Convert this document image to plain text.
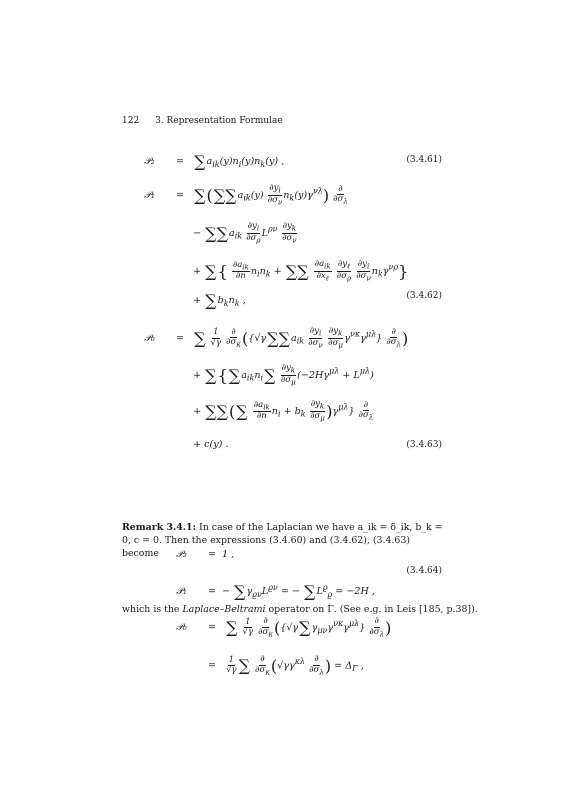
122 3. Representation Formulae
𝒫₂ = $\sum a_{ik}(y)n_i(y)n_k(y)$ ,	(3.4.61)
𝒫₁ = $\sum(\sum\sum a_{ik}(y) \frac{\partial y_i}{\partial\sigma_\nu} n_k(y)\gamma^{\nu\lambda}) \frac{\partial}{\partial\sigma_\lambda}$
− $\sum\sum a_{ik} \frac{\partial y_i}{\partial\sigma_\rho} L^{\rho\nu} \frac{\partial y_k}{\partial\sigma_\nu}$
+ ∑{ $\frac{\partial a_{ik}}{\partial n} n_in_k$ + ∑∑ $\frac{\partial a_{ik}}{\partial x_\ell}$
$\frac{\partial y_\ell}{\partial\sigma_\rho}$
$\frac{\partial y_i}{\partial\sigma_\nu} n_k\gamma^{\nu\rho}$}
+ $\sum b_kn_k$ ,	(3.4.62)
𝒫₀ = ∑ $\frac{1}{√\gamma}$
$\frac{\partial}{\partial\sigma_\kappa} (\{√\gamma\sum\sum a_{ik} \frac{\partial y_i}{\partial\sigma_\nu}$
$\frac{\partial y_k}{\partial\sigma_\mu} \gamma^{\nu\kappa}\gamma^{\mu\lambda}\} \frac{\partial}{\partial\sigma_\lambda}$ )
+ $\sum\{\sum a_{ik}n_i\sum \frac{\partial y_k}{\partial\sigma_\mu} (-2H\gamma^{\mu\lambda} + L^{\mu\lambda})$
+ ∑∑(∑ $\frac{\partial a_{ik}}{\partial n} n_i + b_k \frac{\partial y_k}{\partial\sigma_\mu} )\gamma^{\mu\lambda}\} \frac{\partial}{\partial\sigma_\lambda}$
+ c(y) .	(3.4.63)
Remark 3.4.1: In case of the Laplacian we have a_ik = δ_ik, b_k = 0, c = 0. Then the expressions (3.4.60) and (3.4.62), (3.4.63) become	𝒫₂ = 1 ,
𝒫₁ = − $\sum\gamma_{ϱ\nu}L^{ϱ\nu}$ = − $\sum L^ϱ_ϱ = -2H$ ,
𝒫₀ = ∑ $\frac{1}{√\gamma}$
$\frac{\partial}{\partial\sigma_\kappa} (\{√\gamma\sum\gamma_{\mu\nu}\gamma^{\nu\kappa}\gamma^{\mu\lambda}\} \frac{\partial}{\partial\sigma_\lambda}$ )
= $\frac{1}{√\gamma}$ ∑ $\frac{\partial}{\partial\sigma_\kappa} (√\gamma\gamma^{\kappa\lambda} \frac{\partial}{\partial\sigma_\lambda}$ ) = $\Delta_\Gamma$ ,
(3.4.64)
which is the Laplace–Beltrami operator on Γ. (See e.g. in Leis [185, p.38]).
